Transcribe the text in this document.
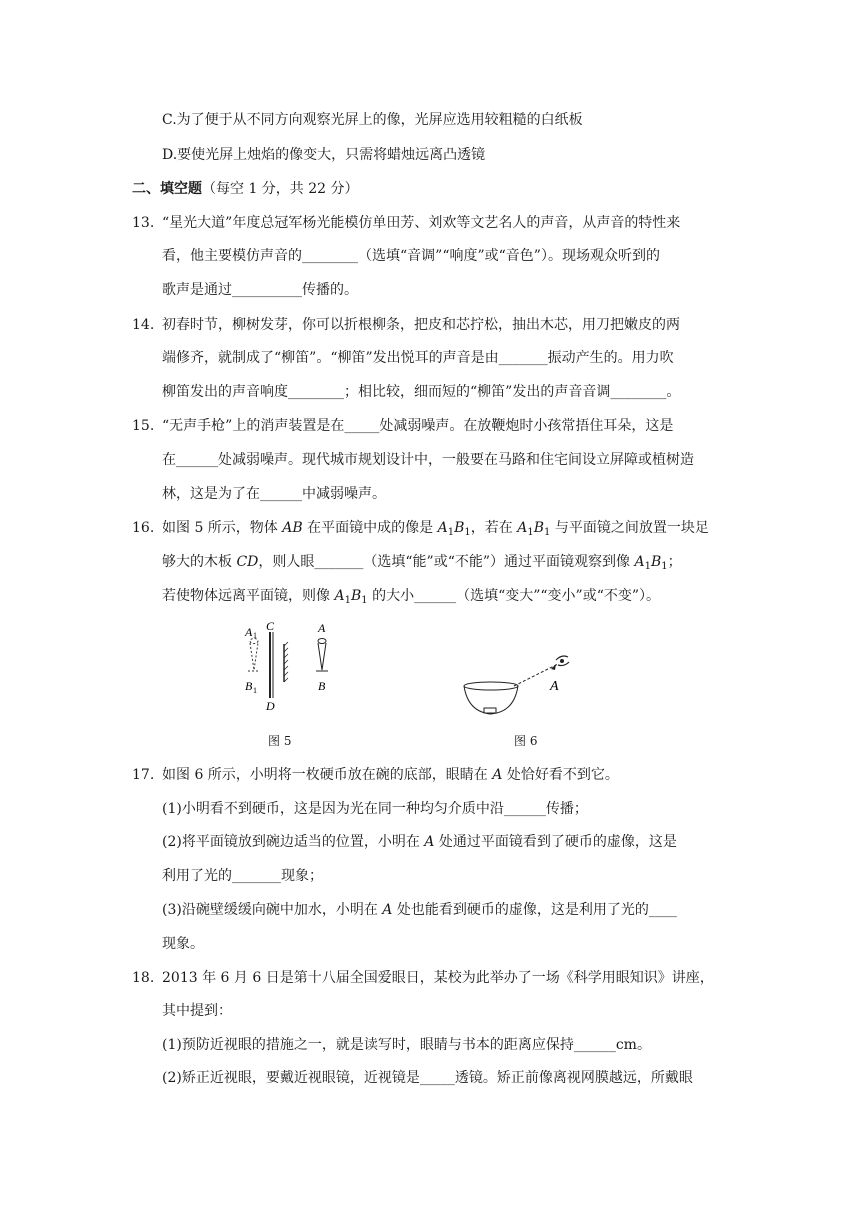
C.为了便于从不同方向观察光屏上的像，光屏应选用较粗糙的白纸板
D.要使光屏上烛焰的像变大，只需将蜡烛远离凸透镜
二、填空题（每空 1 分，共 22 分）
13. “星光大道”年度总冠军杨光能模仿单田芳、刘欢等文艺名人的声音，从声音的特性来
看，他主要模仿声音的________（选填“音调”“响度”或“音色”）。现场观众听到的
歌声是通过__________传播的。
14. 初春时节，柳树发芽，你可以折根柳条，把皮和芯拧松，抽出木芯，用刀把嫩皮的两
端修齐，就制成了“柳笛”。“柳笛”发出悦耳的声音是由_______振动产生的。用力吹
柳笛发出的声音响度________；相比较，细而短的“柳笛”发出的声音音调________。
15. “无声手枪”上的消声装置是在_____处减弱噪声。在放鞭炮时小孩常捂住耳朵，这是
在______处减弱噪声。现代城市规划设计中，一般要在马路和住宅间设立屏障或植树造
林，这是为了在______中减弱噪声。
16. 如图 5 所示，物体 AB 在平面镜中成的像是 $A_1B_1$，若在 $A_1B_1$ 与平面镜之间放置一块足
够大的木板 CD，则人眼_______（选填“能”或“不能”）通过平面镜观察到像 $A_1B_1$；
若使物体远离平面镜，则像 $A_1B_1$ 的大小______（选填“变大”“变小”或“不变”）。
A 1
B 1
C
D
A
B
图 5
A
图 6
17. 如图 6 所示，小明将一枚硬币放在碗的底部，眼睛在 A 处恰好看不到它。
(1)小明看不到硬币，这是因为光在同一种均匀介质中沿______传播；
(2)将平面镜放到碗边适当的位置，小明在 A 处通过平面镜看到了硬币的虚像，这是
利用了光的_______现象；
(3)沿碗壁缓缓向碗中加水，小明在 A 处也能看到硬币的虚像，这是利用了光的____
现象。
18. 2013 年 6 月 6 日是第十八届全国爱眼日，某校为此举办了一场《科学用眼知识》讲座，
其中提到：
(1)预防近视眼的措施之一，就是读写时，眼睛与书本的距离应保持______cm。
(2)矫正近视眼，要戴近视眼镜，近视镜是_____透镜。矫正前像离视网膜越远，所戴眼
